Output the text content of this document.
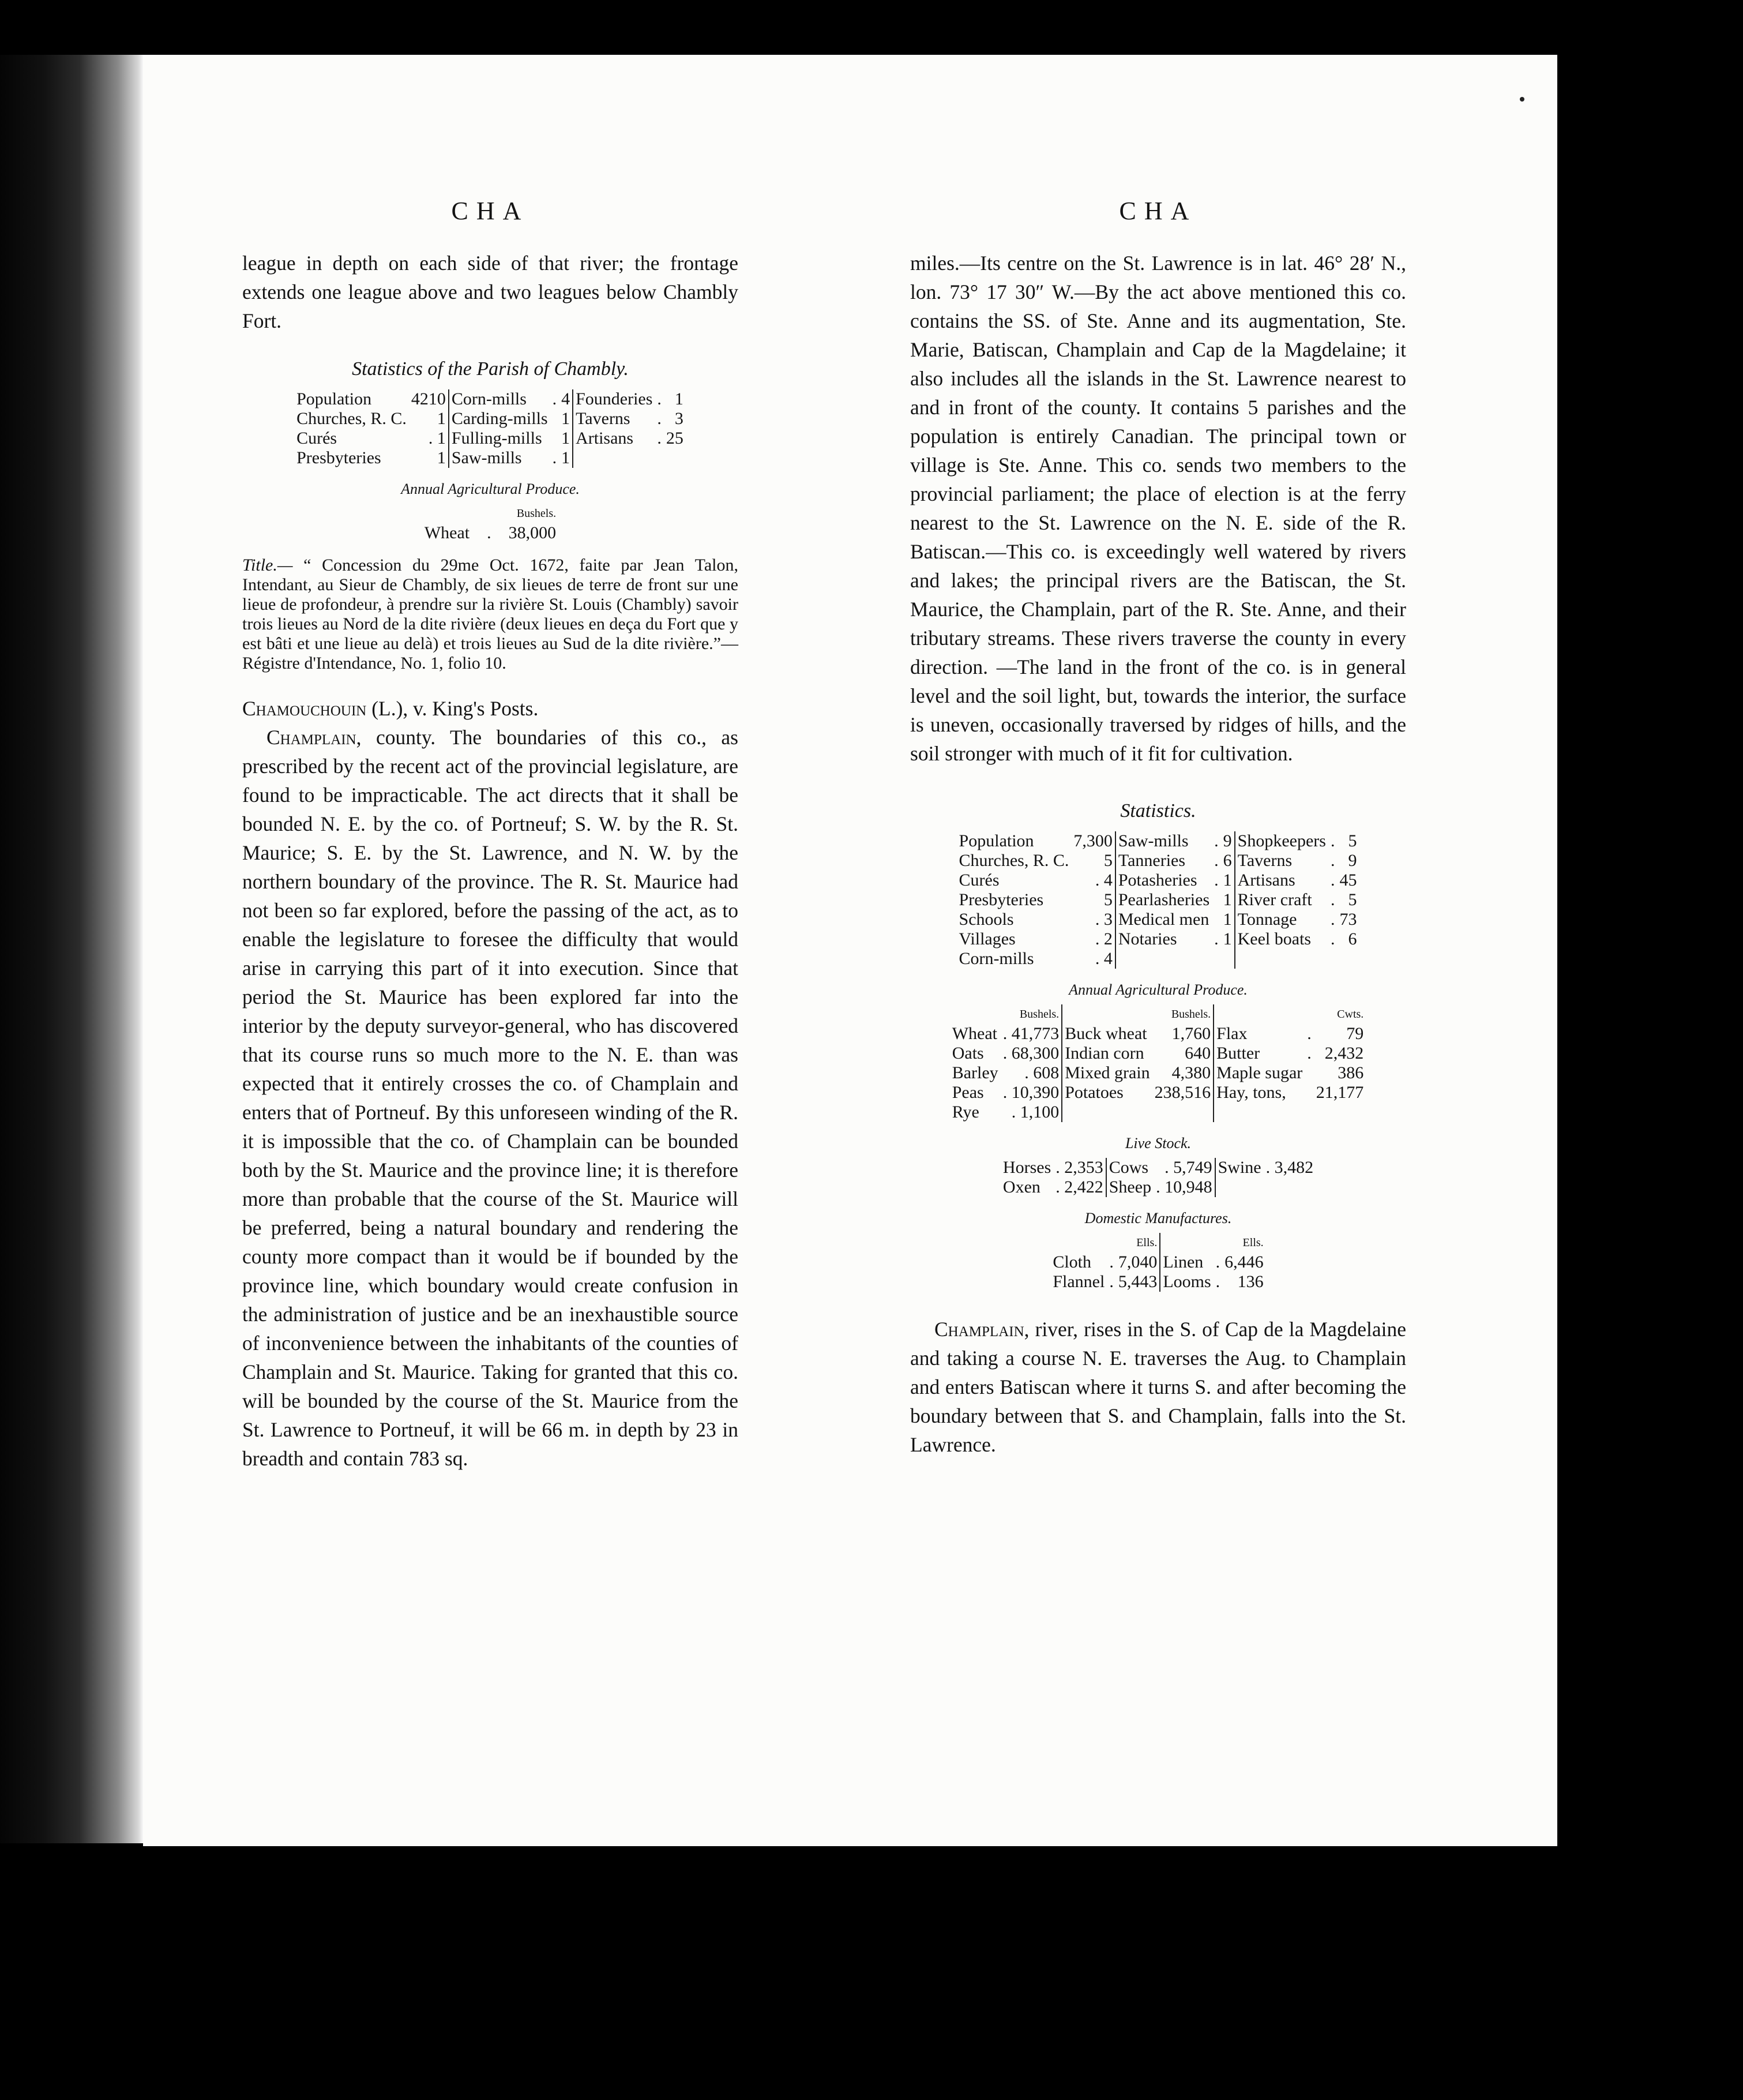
CHA

league in depth on each side of that river; the frontage extends one league above and two leagues below Chambly Fort.

Statistics of the Parish of Chambly.
Population	4210	Corn-mills	.	4	Founderies	.	1
Churches, R. C.	1	Carding-mills		1	Taverns	.	3
Curés	. 1	Fulling-mills		1	Artisans	.	25
Presbyteries	1	Saw-mills	.	1			
Annual Agricultural Produce.
		Bushels.
Wheat	.	38,000

Title.— “ Concession du 29me Oct. 1672, faite par Jean Talon, Intendant, au Sieur de Chambly, de six lieues de terre de front sur une lieue de profondeur, à prendre sur la rivière St. Louis (Chambly) savoir trois lieues au Nord de la dite rivière (deux lieues en deça du Fort que y est bâti et une lieue au delà) et trois lieues au Sud de la dite rivière.”—Régistre d'Intendance, No. 1, folio 10.

Chamouchouin (L.), v. King's Posts.

Champlain, county. The boundaries of this co., as prescribed by the recent act of the provincial legislature, are found to be impracticable. The act directs that it shall be bounded N. E. by the co. of Portneuf; S. W. by the R. St. Maurice; S. E. by the St. Lawrence, and N. W. by the northern boundary of the province. The R. St. Maurice had not been so far explored, before the passing of the act, as to enable the legislature to foresee the difficulty that would arise in carrying this part of it into execution. Since that period the St. Maurice has been explored far into the interior by the deputy surveyor-general, who has discovered that its course runs so much more to the N. E. than was expected that it entirely crosses the co. of Champlain and enters that of Portneuf. By this unforeseen winding of the R. it is impossible that the co. of Champlain can be bounded both by the St. Maurice and the province line; it is therefore more than probable that the course of the St. Maurice will be preferred, being a natural boundary and rendering the county more compact than it would be if bounded by the province line, which boundary would create confusion in the administration of justice and be an inexhaustible source of inconvenience between the inhabitants of the counties of Champlain and St. Maurice. Taking for granted that this co. will be bounded by the course of the St. Maurice from the St. Lawrence to Portneuf, it will be 66 m. in depth by 23 in breadth and contain 783 sq.

CHA

miles.—Its centre on the St. Lawrence is in lat. 46° 28′ N., lon. 73° 17 30″ W.—By the act above mentioned this co. contains the SS. of Ste. Anne and its augmentation, Ste. Marie, Batiscan, Champlain and Cap de la Magdelaine; it also includes all the islands in the St. Lawrence nearest to and in front of the county. It contains 5 parishes and the population is entirely Canadian. The principal town or village is Ste. Anne. This co. sends two members to the provincial parliament; the place of election is at the ferry nearest to the St. Lawrence on the N. E. side of the R. Batiscan.—This co. is exceedingly well watered by rivers and lakes; the principal rivers are the Batiscan, the St. Maurice, the Champlain, part of the R. Ste. Anne, and their tributary streams. These rivers traverse the county in every direction. —The land in the front of the co. is in general level and the soil light, but, towards the interior, the surface is uneven, occasionally traversed by ridges of hills, and the soil stronger with much of it fit for cultivation.

Statistics.
Population	7,300	Saw-mills	.	9	Shopkeepers	.	5
Churches, R. C.	5	Tanneries	.	6	Taverns	.	9
Curés	. 4	Potasheries	.	1	Artisans	.	45
Presbyteries	5	Pearlasheries		1	River craft	.	5
Schools	. 3	Medical men		1	Tonnage	.	73
Villages	. 2	Notaries	.	1	Keel boats	.	6
Corn-mills	. 4						
Annual Agricultural Produce.
	Bushels.		Bushels.			Cwts.
Wheat	. 41,773	Buck wheat	1,760	Flax	.	79
Oats	. 68,300	Indian corn	640	Butter	.	2,432
Barley	. 608	Mixed grain	4,380	Maple sugar		386
Peas	. 10,390	Potatoes	238,516	Hay, tons,		21,177
Rye	. 1,100					
Live Stock.
Horses	. 2,353	Cows	. 5,749	Swine	. 3,482
Oxen	. 2,422	Sheep	. 10,948		
Domestic Manufactures.
		Ells.			Ells.
Cloth	.	7,040	Linen	.	6,446
Flannel	.	5,443	Looms	.	136

Champlain, river, rises in the S. of Cap de la Magdelaine and taking a course N. E. traverses the Aug. to Champlain and enters Batiscan where it turns S. and after becoming the boundary between that S. and Champlain, falls into the St. Lawrence.
